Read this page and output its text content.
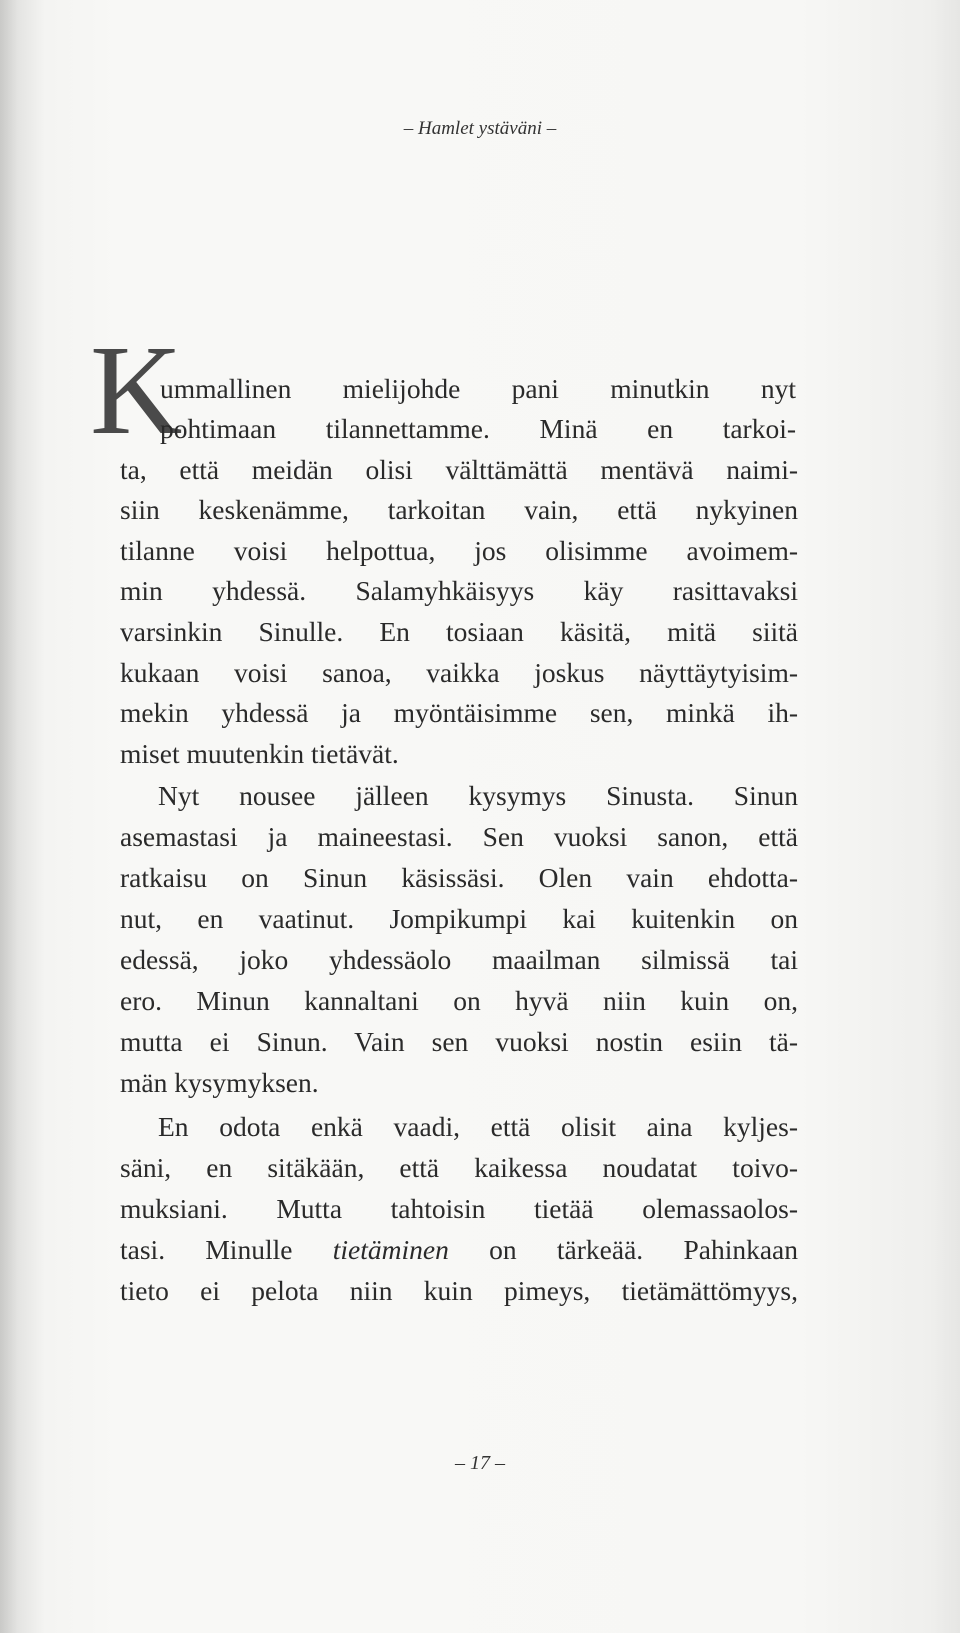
– Hamlet ystäväni –
K
ummallinen mielijohde pani minutkin nyt
pohtimaan tilannettamme. Minä en tarkoi-
ta, että meidän olisi välttämättä mentävä naimi-
siin keskenämme, tarkoitan vain, että nykyinen
tilanne voisi helpottua, jos olisimme avoimem-
min yhdessä. Salamyhkäisyys käy rasittavaksi
varsinkin Sinulle. En tosiaan käsitä, mitä siitä
kukaan voisi sanoa, vaikka joskus näyttäytyisim-
mekin yhdessä ja myöntäisimme sen, minkä ih-
miset muutenkin tietävät.
Nyt nousee jälleen kysymys Sinusta. Sinun
asemastasi ja maineestasi. Sen vuoksi sanon, että
ratkaisu on Sinun käsissäsi. Olen vain ehdotta-
nut, en vaatinut. Jompikumpi kai kuitenkin on
edessä, joko yhdessäolo maailman silmissä tai
ero. Minun kannaltani on hyvä niin kuin on,
mutta ei Sinun. Vain sen vuoksi nostin esiin tä-
män kysymyksen.
En odota enkä vaadi, että olisit aina kyljes-
säni, en sitäkään, että kaikessa noudatat toivo-
muksiani. Mutta tahtoisin tietää olemassaolos-
tasi. Minulle tietäminen on tärkeää. Pahinkaan
tieto ei pelota niin kuin pimeys, tietämättömyys,
– 17 –
